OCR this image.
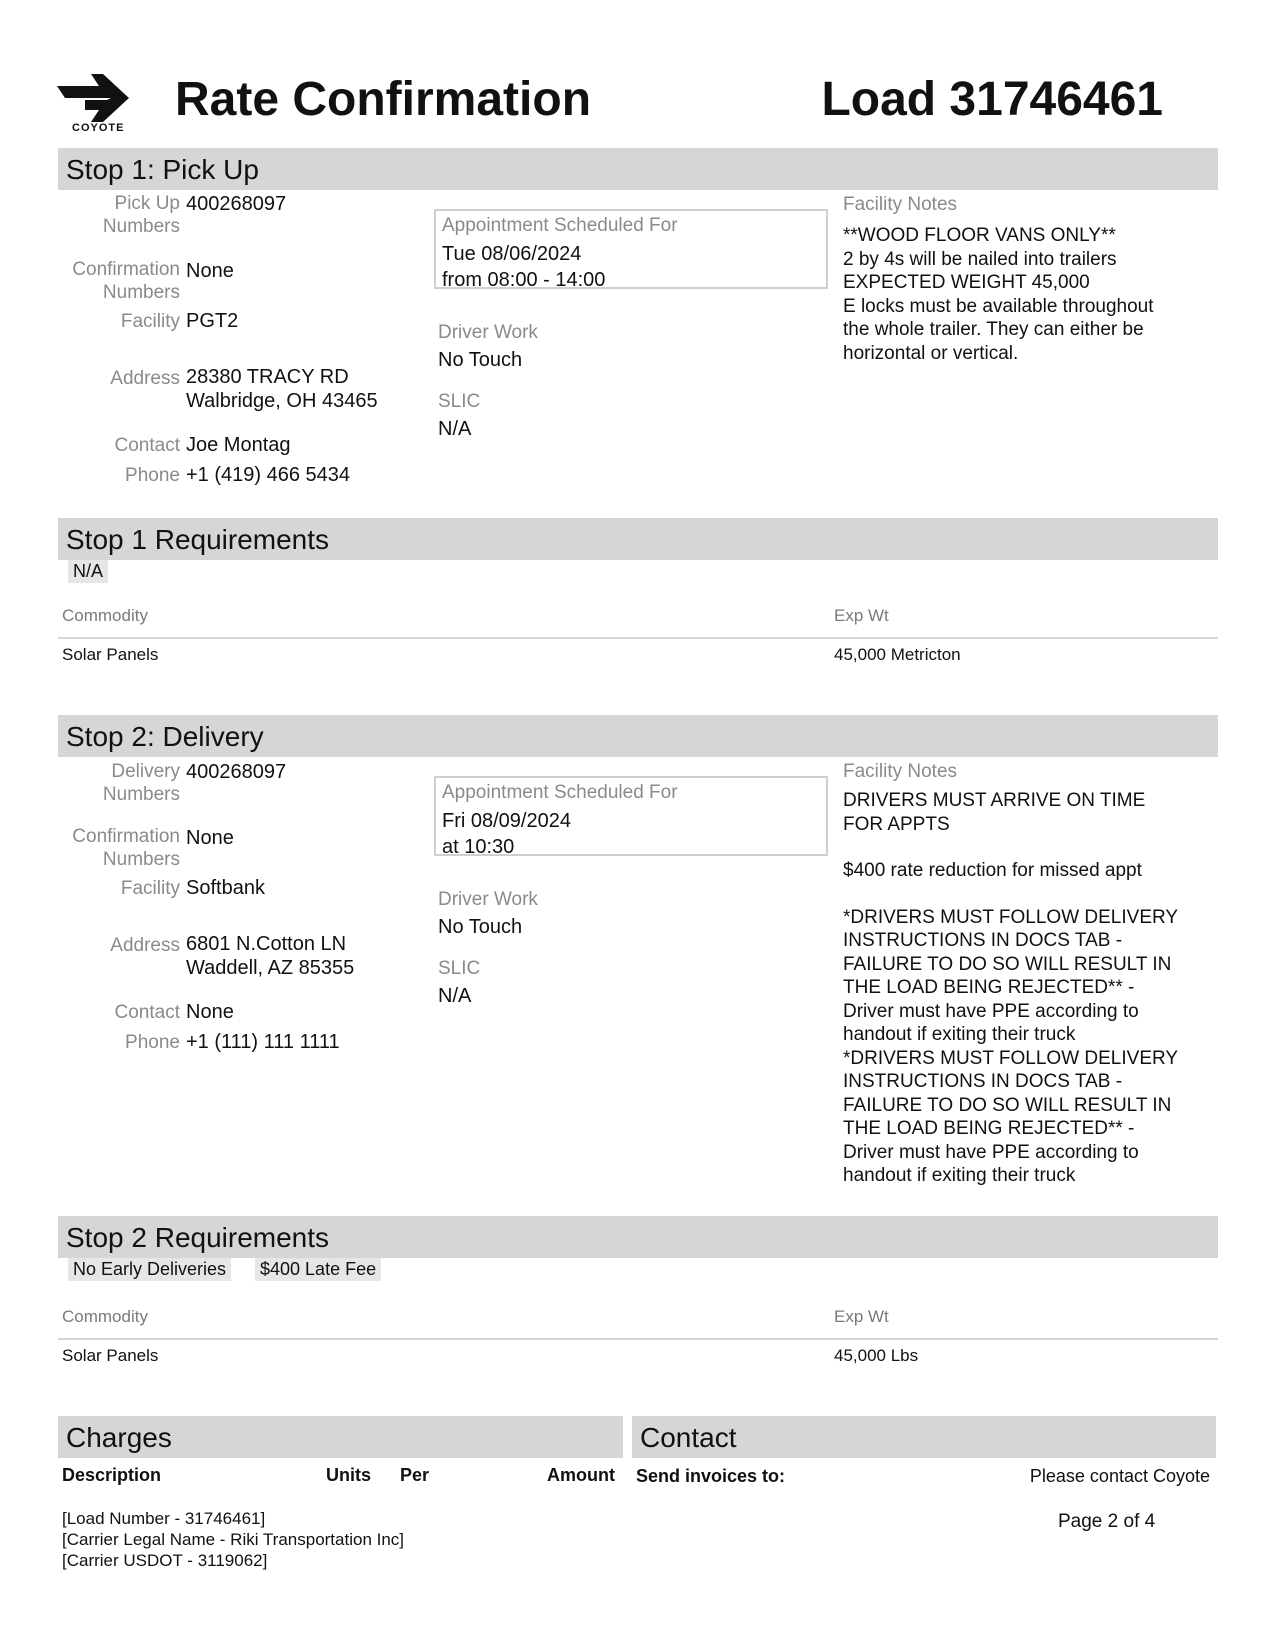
COYOTE
Rate Confirmation	Load 31746461
Stop 1: Pick Up
Pick Up
Numbers
400268097
Confirmation
Numbers
None
Facility PGT2
Address 28380 TRACY RD
Walbridge, OH 43465
Contact Joe Montag
Phone +1 (419) 466 5434
Appointment Scheduled For
Tue 08/06/2024
from 08:00 - 14:00
Driver Work
No Touch
SLIC
N/A
Facility Notes

**WOOD FLOOR VANS ONLY**

2 by 4s will be nailed into trailers

EXPECTED WEIGHT 45,000

E locks must be available throughout

the whole trailer. They can either be

horizontal or vertical.

Stop 1 Requirements
N/A
Commodity	Exp Wt
Solar Panels	45,000 Metricton
Stop 2: Delivery
Delivery
Numbers
400268097
Confirmation
Numbers
None
Facility Softbank
Address 6801 N.Cotton LN
Waddell, AZ 85355
Contact None
Phone +1 (111) 111 1111
Appointment Scheduled For
Fri 08/09/2024
at 10:30
Driver Work
No Touch
SLIC
N/A
Facility Notes

DRIVERS MUST ARRIVE ON TIME

FOR APPTS

$400 rate reduction for missed appt

*DRIVERS MUST FOLLOW DELIVERY

INSTRUCTIONS IN DOCS TAB -

FAILURE TO DO SO WILL RESULT IN

THE LOAD BEING REJECTED** -

Driver must have PPE according to

handout if exiting their truck

*DRIVERS MUST FOLLOW DELIVERY

INSTRUCTIONS IN DOCS TAB -

FAILURE TO DO SO WILL RESULT IN

THE LOAD BEING REJECTED** -

Driver must have PPE according to

handout if exiting their truck

Stop 2 Requirements
No Early Deliveries $400 Late Fee
Commodity	Exp Wt
Solar Panels	45,000 Lbs
Charges
Description	Units Per	Amount
Contact
Send invoices to:	Please contact Coyote

[Load Number - 31746461]

[Carrier Legal Name - Riki Transportation Inc]

[Carrier USDOT - 3119062]

Page 2 of 4
